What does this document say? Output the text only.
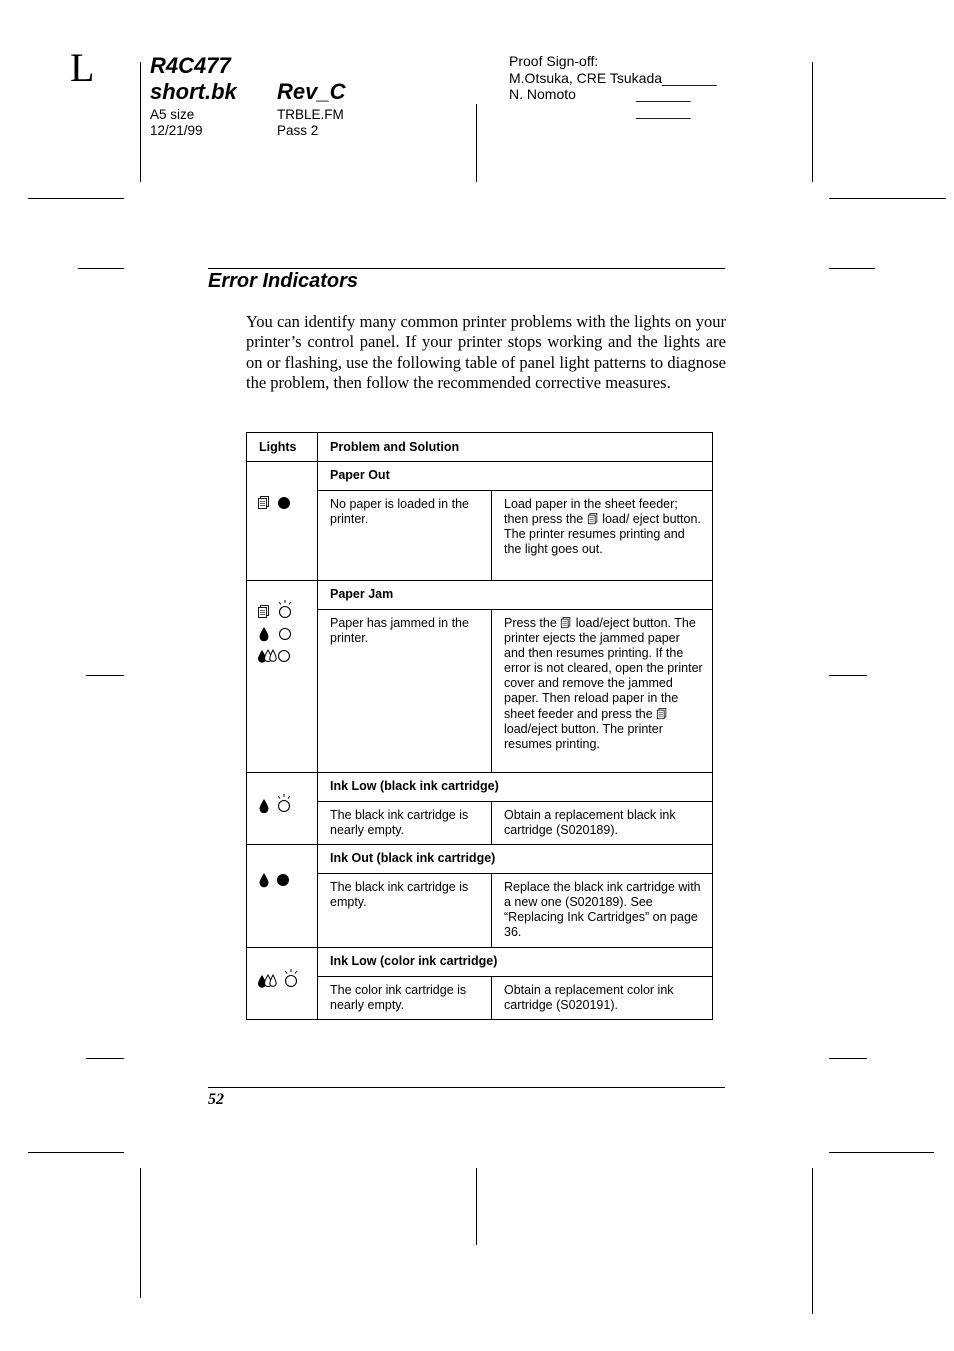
L	R4C477
short.bk Rev_C
A5 size
12/21/99
TRBLE.FM
Pass 2
Proof Sign-off:
M.Otsuka, CRE Tsukada_______
N. Nomoto	_______
_______
Error Indicators
You can identify many common printer problems with the lights on your printer’s control panel. If your printer stops working and the lights are on or flashing, use the following table of panel light patterns to diagnose the problem, then follow the recommended corrective measures.
Lights	Problem and Solution	

	Paper Out	
	No paper is loaded in the printer.	Load paper in the sheet feeder; then press the load/ eject button. The printer resumes printing and the light goes out.

	Paper Jam	
	Paper has jammed in the printer.	Press the load/eject button. The printer ejects the jammed paper and then resumes printing. If the error is not cleared, open the printer cover and remove the jammed paper. Then reload paper in the sheet feeder and press the  load/eject button. The printer resumes printing.

	Ink Low (black ink cartridge)	
	The black ink cartridge is nearly empty.	Obtain a replacement black ink cartridge (S020189).

	Ink Out (black ink cartridge)	
	The black ink cartridge is empty.	Replace the black ink cartridge with a new one (S020189). See “Replacing Ink Cartridges” on page 36.

	Ink Low (color ink cartridge)	
	The color ink cartridge is nearly empty.	Obtain a replacement color ink cartridge (S020191).
52
